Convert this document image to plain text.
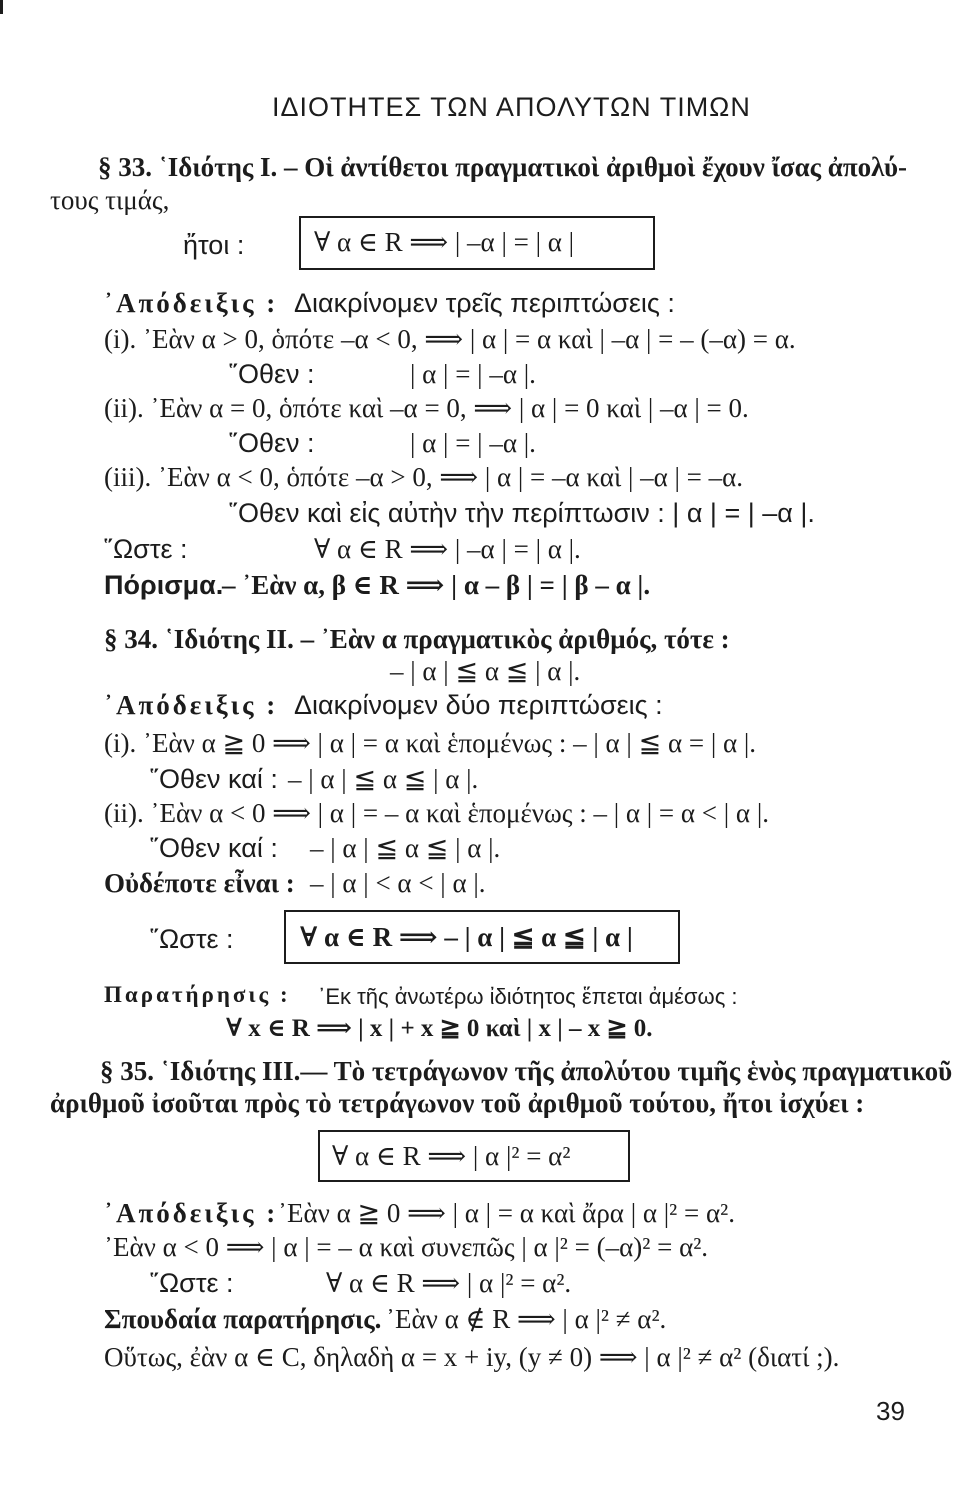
ΙΔΙΟΤΗΤΕΣ ΤΩΝ ΑΠΟΛΥΤΩΝ ΤΙΜΩΝ
§ 33. ῾Ιδιότης Ι. – Οἱ ἀντίθετοι πραγματικοὶ ἀριθμοὶ ἔχουν ἴσας ἀπολύ-
τους τιμάς,
ἤτοι :	∀ α ∈ R ⟹ | –α | = | α |
᾿Απόδειξις : Διακρίνομεν τρεῖς περιπτώσεις :
(i). ᾿Εὰν α > 0, ὁπότε –α < 0, ⟹ | α | = α καὶ | –α | = – (–α) = α.
῞Οθεν :	| α | = | –α |.
(ii). ᾿Εὰν α = 0, ὁπότε καὶ –α = 0, ⟹ | α | = 0 καὶ | –α | = 0.
῞Οθεν :	| α | = | –α |.
(iii). ᾿Εὰν α < 0, ὁπότε –α > 0, ⟹ | α | = –α καὶ | –α | = –α.
῞Οθεν καὶ εἰς αὐτὴν τὴν περίπτωσιν : | α | = | –α |.
῞Ωστε :	∀ α ∈ R ⟹ | –α | = | α |.
Πόρισμα.
– ᾿Εὰν α, β ∈ R ⟹ | α – β | = | β – α |.
§ 34. ῾Ιδιότης ΙΙ. – ᾿Εὰν α πραγματικὸς ἀριθμός, τότε :
– | α | ≦ α ≦ | α |.
᾿Απόδειξις : Διακρίνομεν δύο περιπτώσεις :
(i). ᾿Εὰν α ≧ 0 ⟹ | α | = α καὶ ἑπομένως : – | α | ≦ α = | α |.
῞Οθεν καί : – | α | ≦ α ≦ | α |.
(ii). ᾿Εὰν α < 0 ⟹ | α | = – α καὶ ἑπομένως : – | α | = α < | α |.
῞Οθεν καί : – | α | ≦ α ≦ | α |.
Οὐδέποτε εἶναι : – | α | < α < | α |.
῞Ωστε : ∀ α ∈ R ⟹ – | α | ≦ α ≦ | α |
Παρατήρησις : ᾿Εκ τῆς ἀνωτέρω ἰδιότητος ἕπεται ἀμέσως :
∀ x ∈ R ⟹ | x | + x ≧ 0 καὶ | x | – x ≧ 0.
§ 35. ῾Ιδιότης ΙΙΙ.— Τὸ τετράγωνον τῆς ἀπολύτου τιμῆς ἑνὸς πραγματικοῦ
ἀριθμοῦ ἰσοῦται πρὸς τὸ τετράγωνον τοῦ ἀριθμοῦ τούτου, ἤτοι ἰσχύει :
∀ α ∈ R ⟹ | α |² = α²
᾿Απόδειξις : ᾿Εὰν α ≧ 0 ⟹ | α | = α καὶ ἄρα | α |² = α².
᾿Εὰν α < 0 ⟹ | α | = – α καὶ συνεπῶς | α |² = (–α)² = α².
῞Ωστε :	∀ α ∈ R ⟹ | α |² = α².
Σπουδαία παρατήρησις. ᾿Εὰν α ∉ R ⟹ | α |² ≠ α².
Οὕτως, ἐὰν α ∈ C, δηλαδὴ α = x + iy, (y ≠ 0) ⟹ | α |² ≠ α² (διατί ;).
39
